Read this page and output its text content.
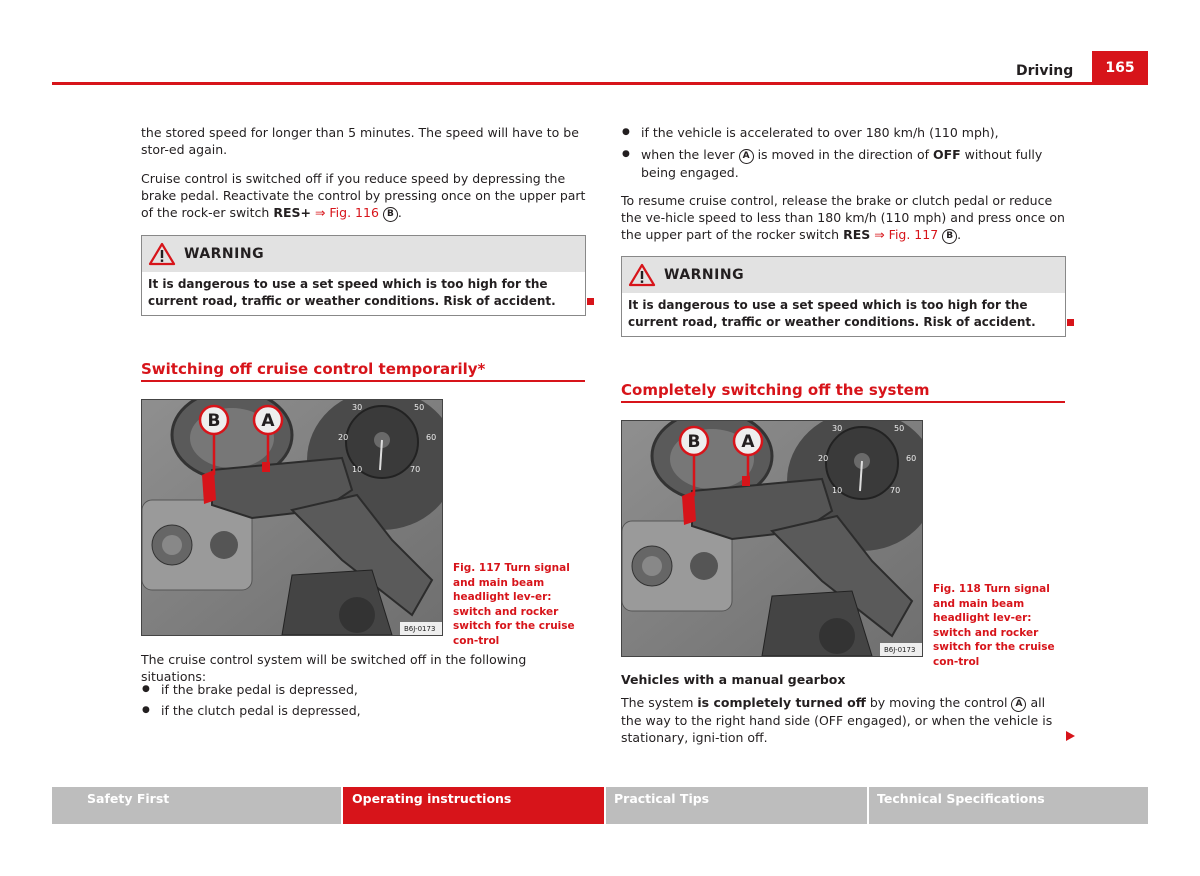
Driving	165

the stored speed for longer than 5 minutes. The speed will have to be stor-ed again.

Cruise control is switched off if you reduce speed by depressing the brake pedal. Reactivate the control by pressing once on the upper part of the rock-er switch RES+ ⇒ Fig. 116 B .

WARNING
It is dangerous to use a set speed which is too high for the current road, traffic or weather conditions. Risk of accident.
Switching off cruise control temporarily*
30	50
20	60
10	70
B A
B6J-0173
Fig. 117 Turn signal and main beam headlight lev-er: switch and rocker switch for the cruise con-trol

The cruise control system will be switched off in the following situations:

● if the brake pedal is depressed,

● if the clutch pedal is depressed,

● if the vehicle is accelerated to over 180 km/h (110 mph),

● when the lever A is moved in the direction of OFF without fully being engaged.

To resume cruise control, release the brake or clutch pedal or reduce the ve-hicle speed to less than 180 km/h (110 mph) and press once on the upper part of the rocker switch RES ⇒ Fig. 117 B .

WARNING
It is dangerous to use a set speed which is too high for the current road, traffic or weather conditions. Risk of accident.
Completely switching off the system
30	50
20	60
10	70
B A
B6J-0173
Fig. 118 Turn signal and main beam headlight lev-er: switch and rocker switch for the cruise con-trol
Vehicles with a manual gearbox

The system is completely turned off by moving the control A all the way to the right hand side (OFF engaged), or when the vehicle is stationary, igni-tion off.

Safety First	Operating instructions	Practical Tips	Technical Specifications
